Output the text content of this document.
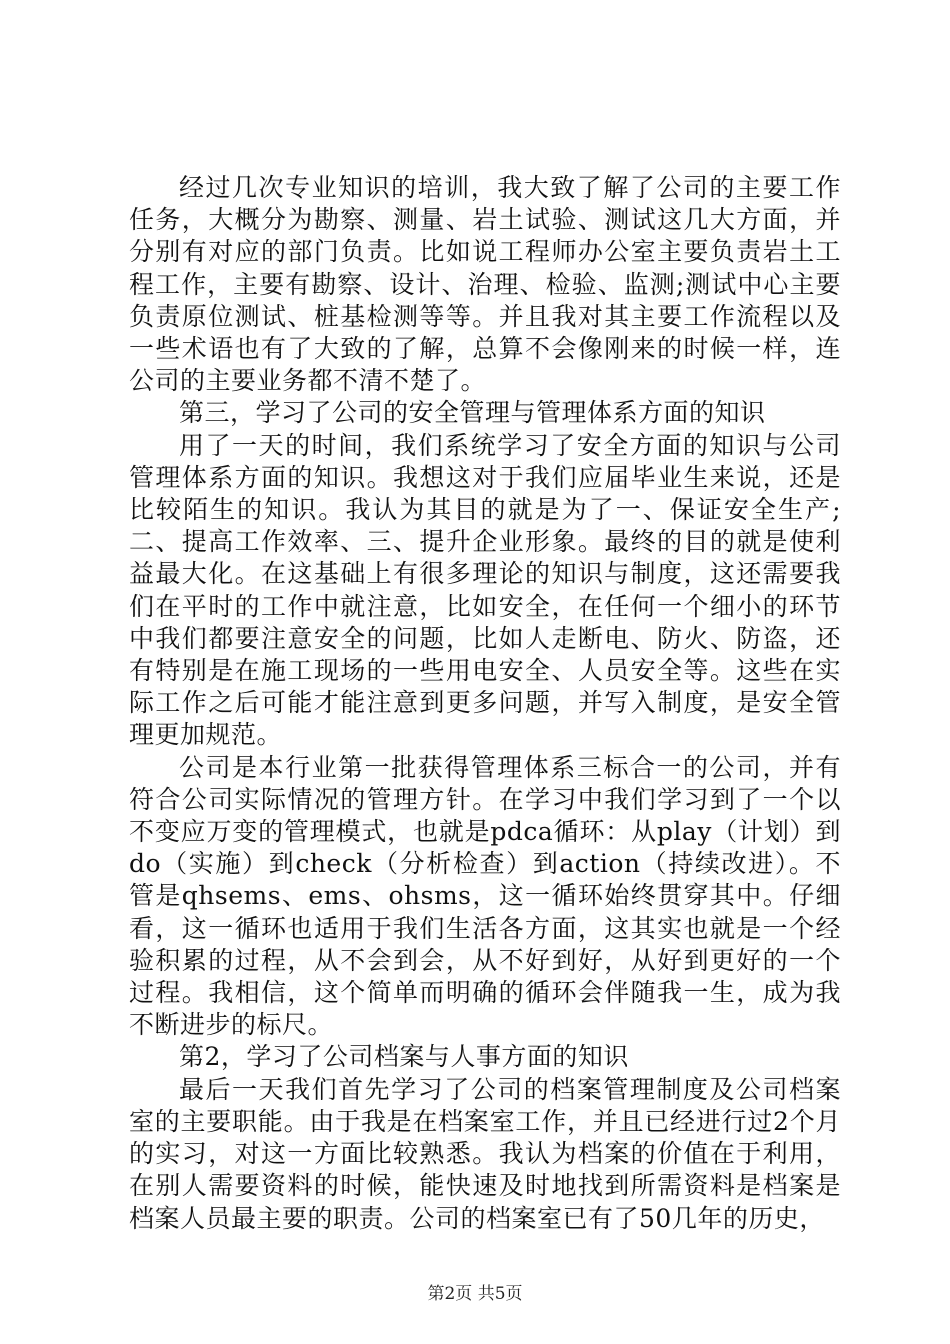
经过几次专业知识的培训，我大致了解了公司的主要工作任务，大概分为勘察、测量、岩土试验、测试这几大方面，并分别有对应的部门负责。比如说工程师办公室主要负责岩土工程工作，主要有勘察、设计、治理、检验、监测;测试中心主要负责原位测试、桩基检测等等。并且我对其主要工作流程以及一些术语也有了大致的了解，总算不会像刚来的时候一样，连公司的主要业务都不清不楚了。

第三，学习了公司的安全管理与管理体系方面的知识

用了一天的时间，我们系统学习了安全方面的知识与公司管理体系方面的知识。我想这对于我们应届毕业生来说，还是比较陌生的知识。我认为其目的就是为了一、保证安全生产;二、提高工作效率、三、提升企业形象。最终的目的就是使利益最大化。在这基础上有很多理论的知识与制度，这还需要我们在平时的工作中就注意，比如安全，在任何一个细小的环节中我们都要注意安全的问题，比如人走断电、防火、防盗，还有特别是在施工现场的一些用电安全、人员安全等。这些在实际工作之后可能才能注意到更多问题，并写入制度，是安全管理更加规范。

公司是本行业第一批获得管理体系三标合一的公司，并有符合公司实际情况的管理方针。在学习中我们学习到了一个以不变应万变的管理模式，也就是pdca循环：从play（计划）到do（实施）到check（分析检查）到action（持续改进）。不管是qhsems、ems、ohsms，这一循环始终贯穿其中。仔细看，这一循环也适用于我们生活各方面，这其实也就是一个经验积累的过程，从不会到会，从不好到好，从好到更好的一个过程。我相信，这个简单而明确的循环会伴随我一生，成为我不断进步的标尺。

第2，学习了公司档案与人事方面的知识

最后一天我们首先学习了公司的档案管理制度及公司档案室的主要职能。由于我是在档案室工作，并且已经进行过2个月的实习，对这一方面比较熟悉。我认为档案的价值在于利用，在别人需要资料的时候，能快速及时地找到所需资料是档案是档案人员最主要的职责。公司的档案室已有了50几年的历史，

第2页 共5页
